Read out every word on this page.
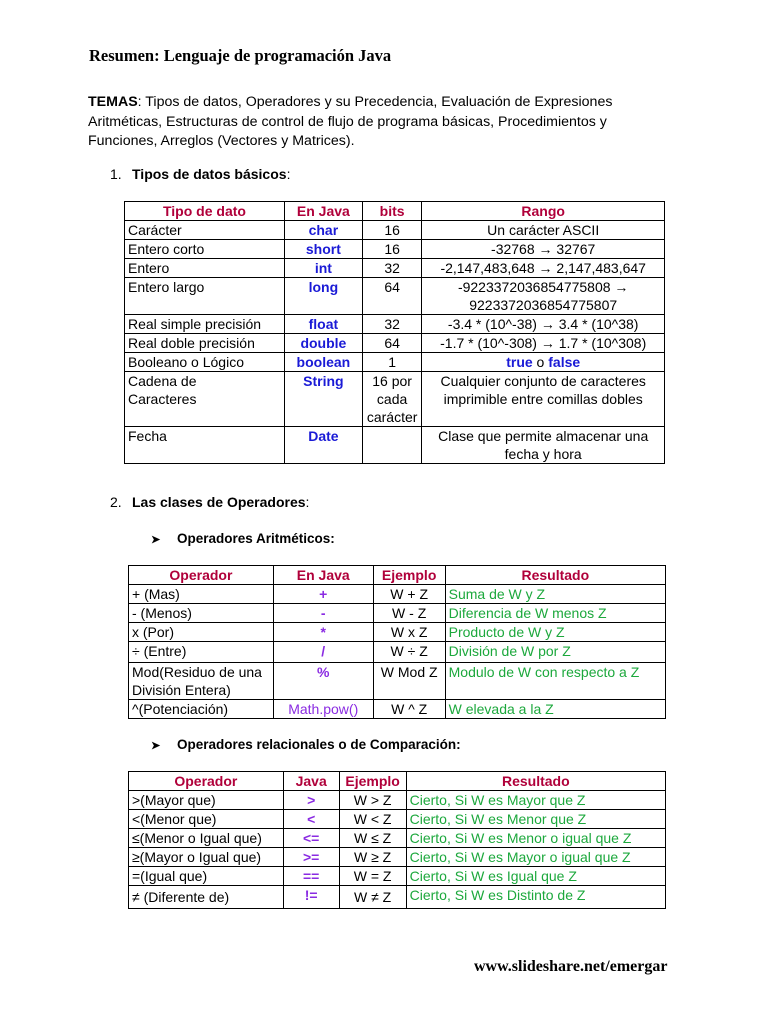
Resumen: Lenguaje de programación Java
TEMAS: Tipos de datos, Operadores y su Precedencia, Evaluación de Expresiones Aritméticas, Estructuras de control de flujo de programa básicas, Procedimientos y Funciones, Arreglos (Vectores y Matrices).
1. Tipos de datos básicos:
Tipo de dato	En Java	bits	Rango
Carácter	char	16	Un carácter ASCII
Entero corto	short	16	-32768 → 32767
Entero	int	32	-2,147,483,648 → 2,147,483,647
Entero largo	long	64	-9223372036854775808 → 9223372036854775807
Real simple precisión	float	32	-3.4 * (10^-38) → 3.4 * (10^38)
Real doble precisión	double	64	-1.7 * (10^-308) → 1.7 * (10^308)
Booleano o Lógico	boolean	1	true o false
Cadena de Caracteres	String	16 por cada carácter	Cualquier conjunto de caracteres imprimible entre comillas dobles
Fecha	Date		Clase que permite almacenar una fecha y hora
2. Las clases de Operadores:
➤ Operadores Aritméticos:
Operador	En Java	Ejemplo	Resultado
+ (Mas)	+	W + Z	Suma de W y Z
- (Menos)	-	W - Z	Diferencia de W menos Z
x (Por)	*	W x Z	Producto de W y Z
÷ (Entre)	/	W ÷ Z	División de W por Z
Mod(Residuo de una División Entera)	%	W Mod Z	Modulo de W con respecto a Z
^(Potenciación)	Math.pow()	W ^ Z	W elevada a la Z
➤ Operadores relacionales o de Comparación:
Operador	Java	Ejemplo	Resultado
>(Mayor que)	>	W > Z	Cierto, Si W es Mayor que Z
<(Menor que)	<	W < Z	Cierto, Si W es Menor que Z
≤(Menor o Igual que)	<=	W ≤ Z	Cierto, Si W es Menor o igual que Z
≥(Mayor o Igual que)	>=	W ≥ Z	Cierto, Si W es Mayor o igual que Z
=(Igual que)	==	W = Z	Cierto, Si W es Igual que Z
≠ (Diferente de)	!=	W ≠ Z	Cierto, Si W es Distinto de Z
www.slideshare.net/emergar
